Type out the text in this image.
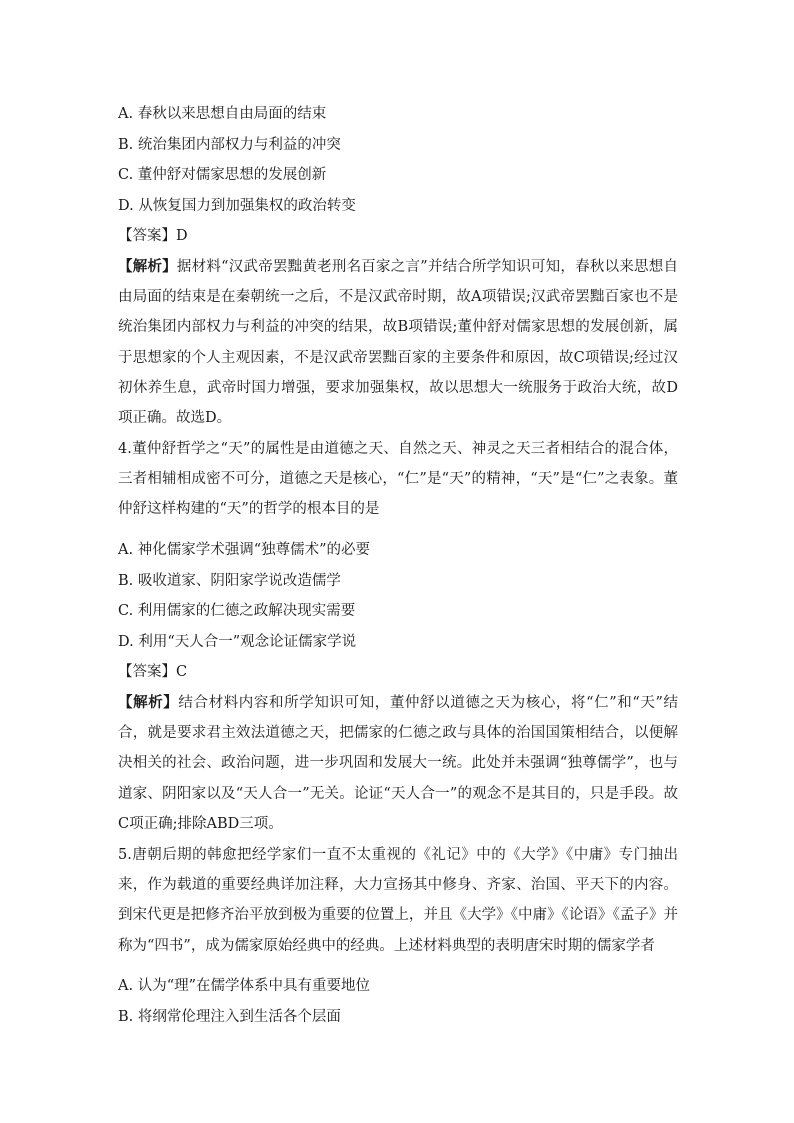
A. 春秋以来思想自由局面的结束
B. 统治集团内部权力与利益的冲突
C. 董仲舒对儒家思想的发展创新
D. 从恢复国力到加强集权的政治转变
【答案】D
【解析】据材料“汉武帝罢黜黄老刑名百家之言”并结合所学知识可知，春秋以来思想自由局面的结束是在秦朝统一之后，不是汉武帝时期，故A项错误;汉武帝罢黜百家也不是统治集团内部权力与利益的冲突的结果，故B项错误;董仲舒对儒家思想的发展创新，属于思想家的个人主观因素，不是汉武帝罢黜百家的主要条件和原因，故C项错误;经过汉初休养生息，武帝时国力增强，要求加强集权，故以思想大一统服务于政治大统，故D项正确。故选D。
4.董仲舒哲学之“天”的属性是由道德之天、自然之天、神灵之天三者相结合的混合体，三者相辅相成密不可分，道德之天是核心，“仁”是“天”的精神，“天”是“仁”之表象。董仲舒这样构建的“天”的哲学的根本目的是
A. 神化儒家学术强调“独尊儒术”的必要
B. 吸收道家、阴阳家学说改造儒学
C. 利用儒家的仁德之政解决现实需要
D. 利用“天人合一”观念论证儒家学说
【答案】C
【解析】结合材料内容和所学知识可知，董仲舒以道德之天为核心，将“仁”和“天”结合，就是要求君主效法道德之天，把儒家的仁德之政与具体的治国国策相结合，以便解决相关的社会、政治问题，进一步巩固和发展大一统。此处并未强调“独尊儒学”，也与道家、阴阳家以及“天人合一”无关。论证“天人合一”的观念不是其目的，只是手段。故C项正确;排除ABD三项。
5.唐朝后期的韩愈把经学家们一直不太重视的《礼记》中的《大学》《中庸》专门抽出来，作为载道的重要经典详加注释，大力宣扬其中修身、齐家、治国、平天下的内容。到宋代更是把修齐治平放到极为重要的位置上，并且《大学》《中庸》《论语》《孟子》并称为“四书”，成为儒家原始经典中的经典。上述材料典型的表明唐宋时期的儒家学者
A. 认为“理”在儒学体系中具有重要地位
B. 将纲常伦理注入到生活各个层面
